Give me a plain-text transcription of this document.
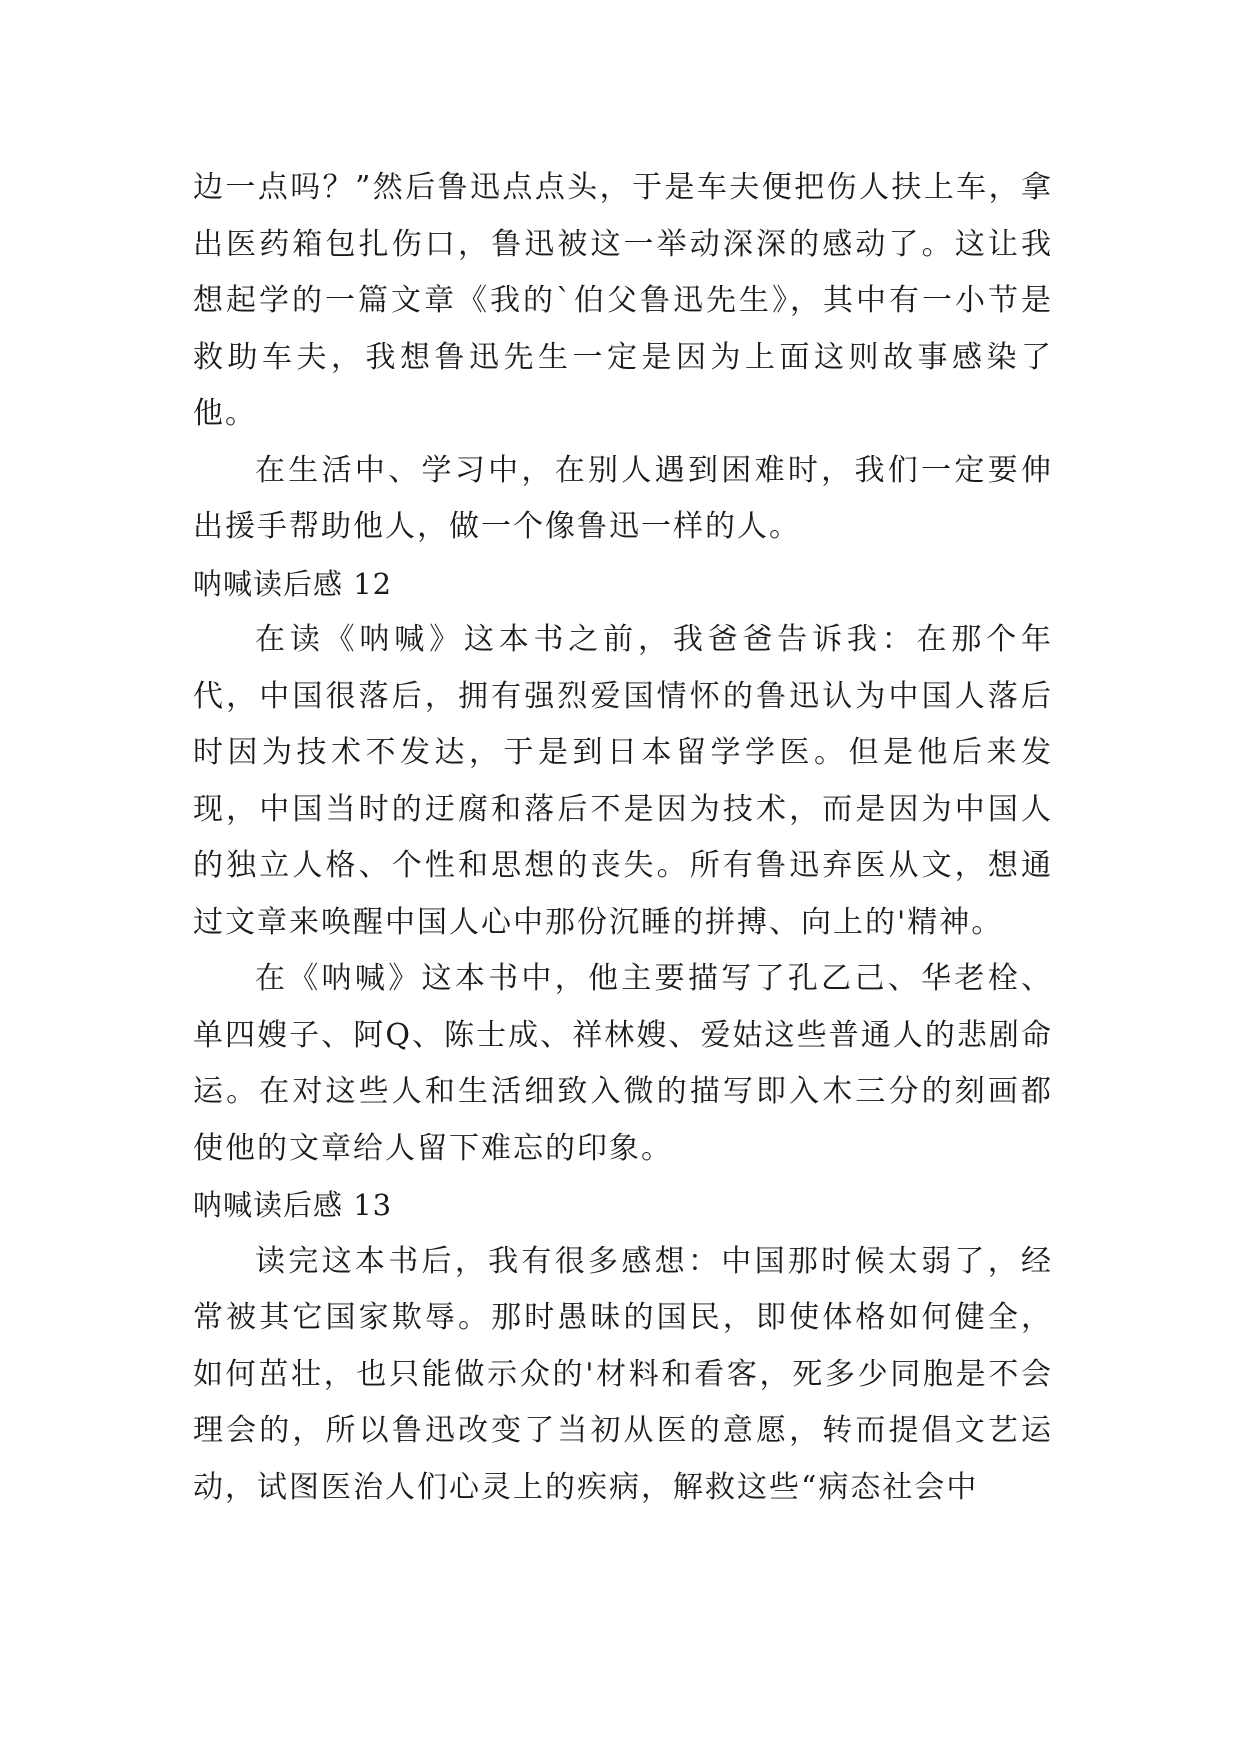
边一点吗？”然后鲁迅点点头，于是车夫便把伤人扶上车，拿出医药箱包扎伤口，鲁迅被这一举动深深的感动了。这让我想起学的一篇文章《我的`伯父鲁迅先生》，其中有一小节是救助车夫，我想鲁迅先生一定是因为上面这则故事感染了他。

在生活中、学习中，在别人遇到困难时，我们一定要伸出援手帮助他人，做一个像鲁迅一样的人。

呐喊读后感 12

在读《呐喊》这本书之前，我爸爸告诉我：在那个年代，中国很落后，拥有强烈爱国情怀的鲁迅认为中国人落后时因为技术不发达，于是到日本留学学医。但是他后来发现，中国当时的迂腐和落后不是因为技术，而是因为中国人的独立人格、个性和思想的丧失。所有鲁迅弃医从文，想通过文章来唤醒中国人心中那份沉睡的拼搏、向上的'精神。

在《呐喊》这本书中，他主要描写了孔乙己、华老栓、单四嫂子、阿Q、陈士成、祥林嫂、爱姑这些普通人的悲剧命运。在对这些人和生活细致入微的描写即入木三分的刻画都使他的文章给人留下难忘的印象。

呐喊读后感 13

读完这本书后，我有很多感想：中国那时候太弱了，经常被其它国家欺辱。那时愚昧的国民，即使体格如何健全，如何茁壮，也只能做示众的'材料和看客，死多少同胞是不会理会的，所以鲁迅改变了当初从医的意愿，转而提倡文艺运动，试图医治人们心灵上的疾病，解救这些“病态社会中
